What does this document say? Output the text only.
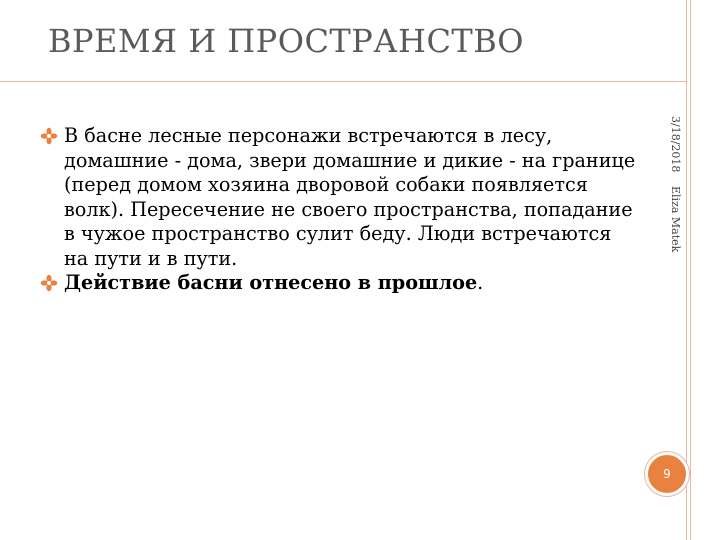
ВРЕМЯ И ПРОСТРАНСТВО
В басне лесные персонажи встречаются в лесу, домашние - дома, звери домашние и дикие - на границе (перед домом хозяина дворовой собаки появляется волк). Пересечение не своего пространства, попадание в чужое пространство сулит беду. Люди встречаются на пути и в пути.
Действие басни отнесено в прошлое.
3/18/2018
Eliza Matek
9
